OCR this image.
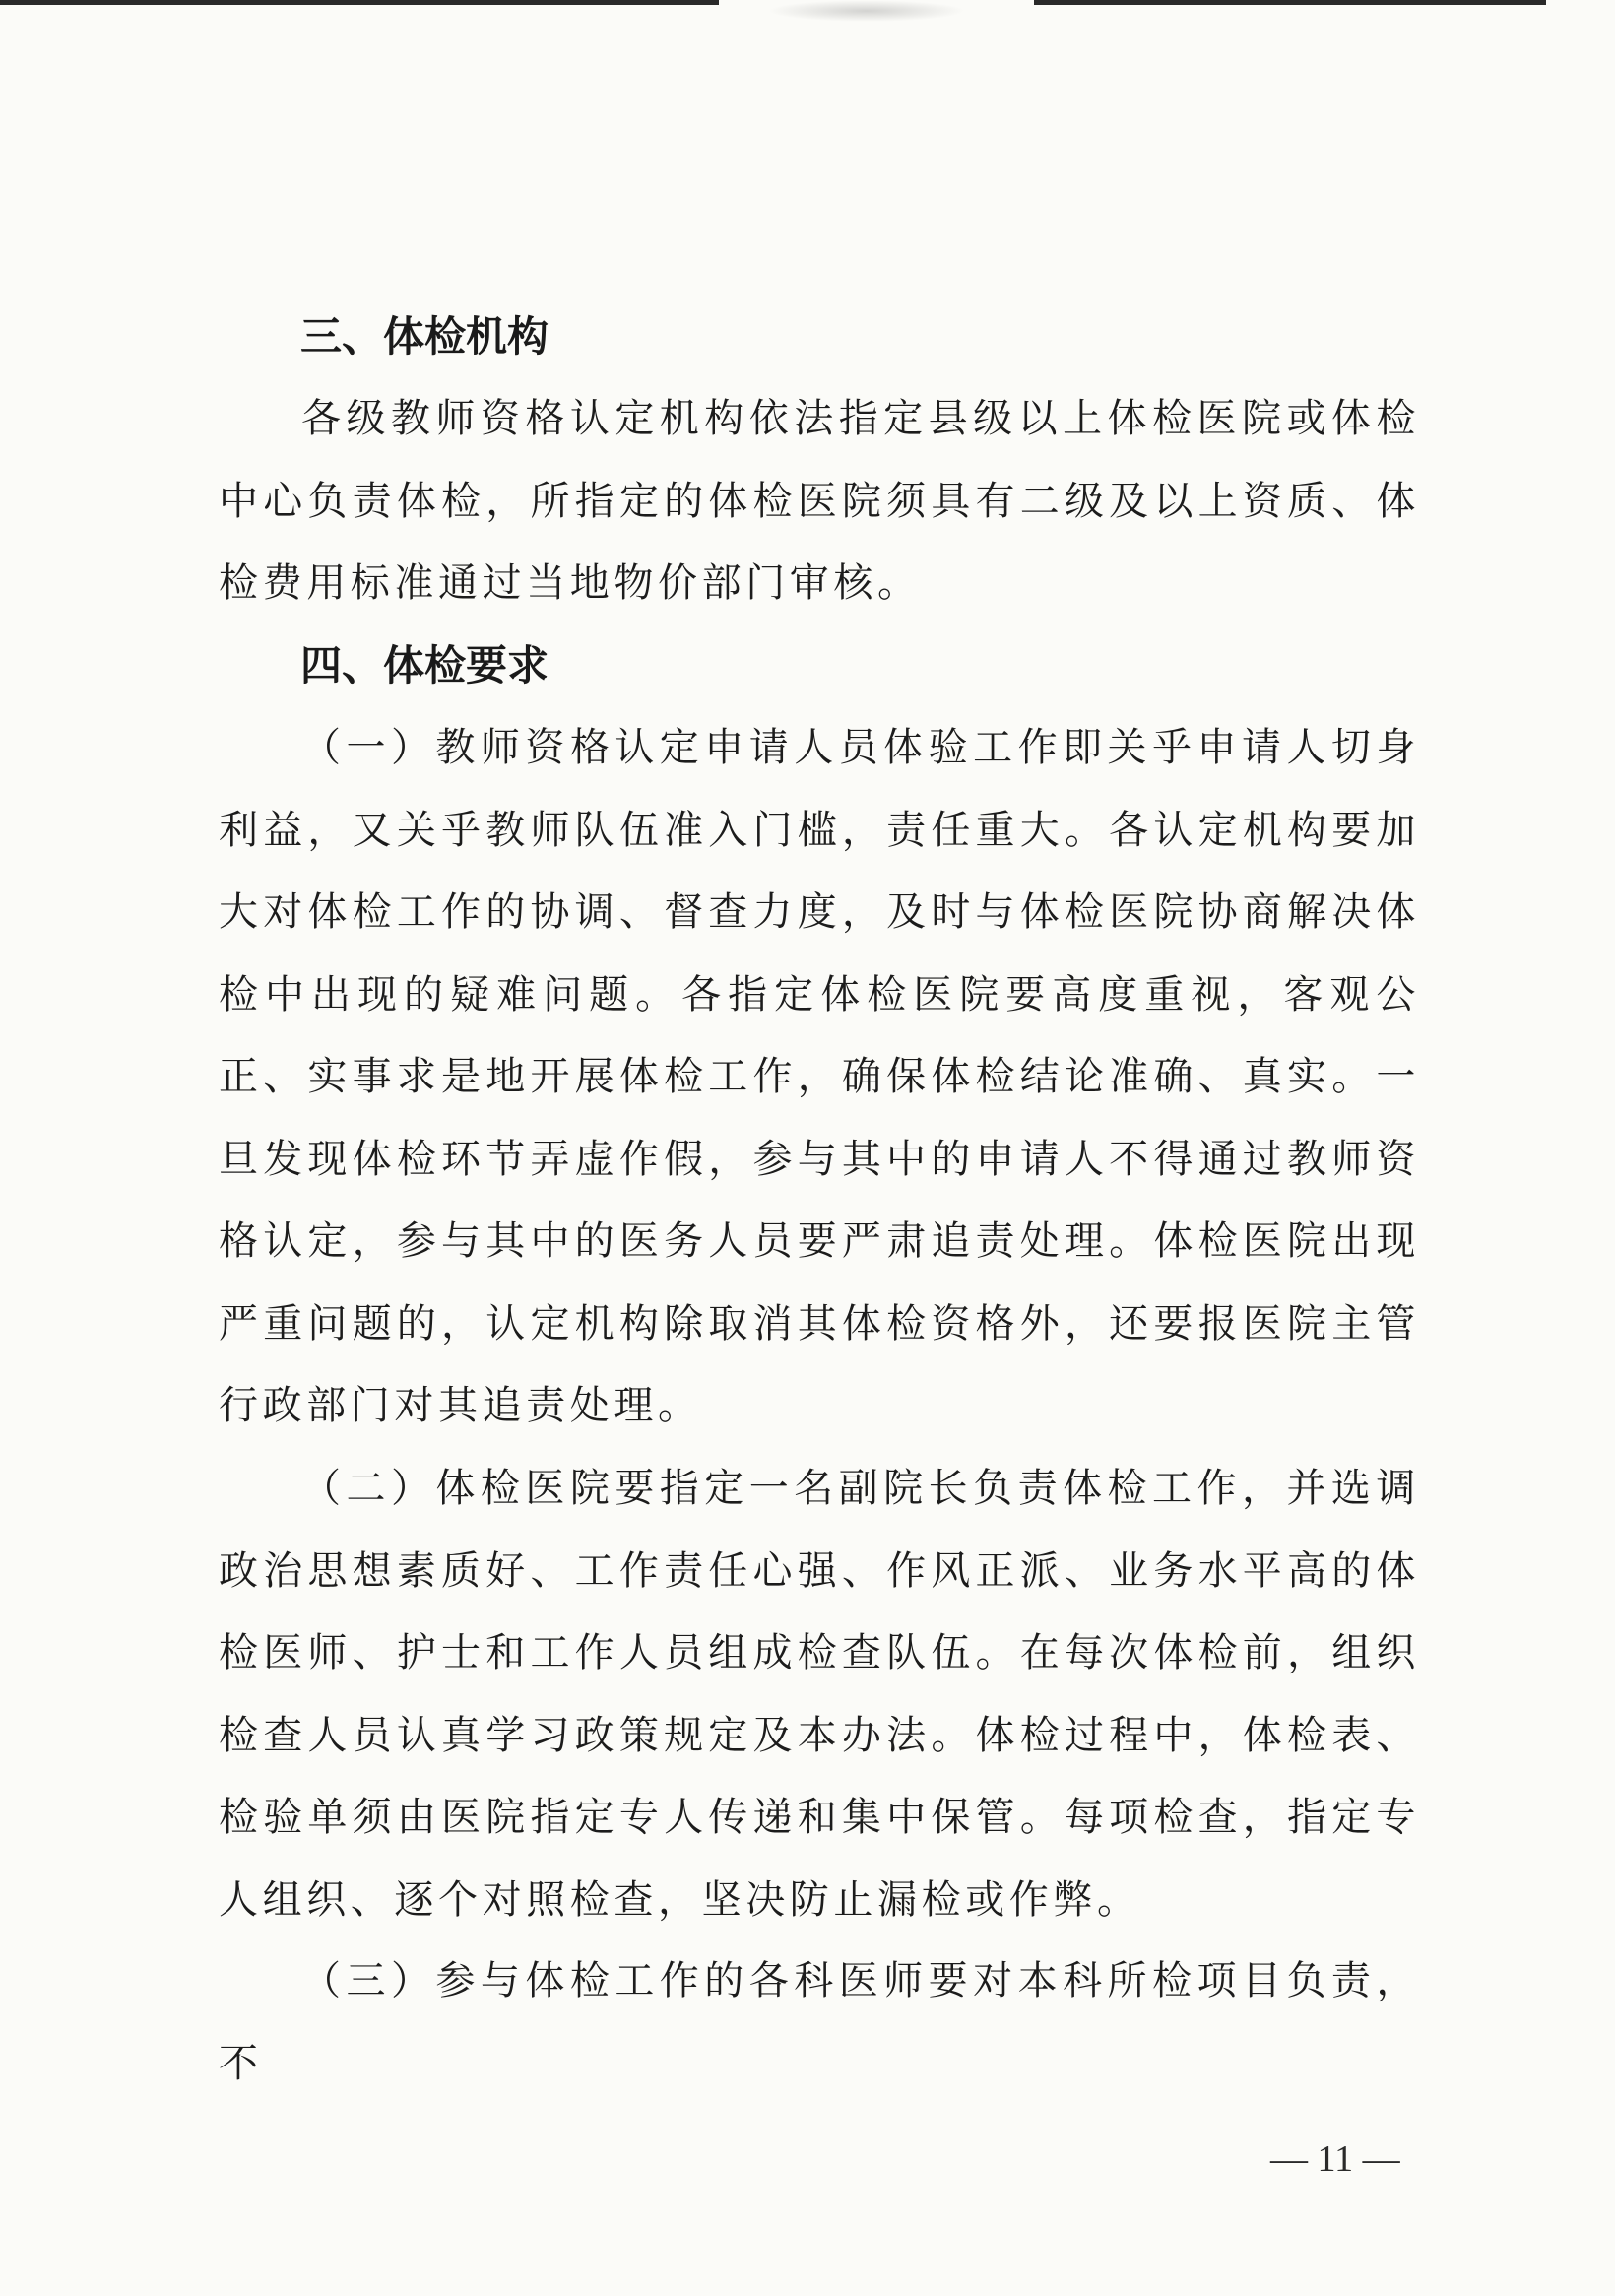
三、体检机构

各级教师资格认定机构依法指定县级以上体检医院或体检中心负责体检，所指定的体检医院须具有二级及以上资质、体检费用标准通过当地物价部门审核。

四、体检要求

（一）教师资格认定申请人员体验工作即关乎申请人切身利益，又关乎教师队伍准入门槛，责任重大。各认定机构要加大对体检工作的协调、督查力度，及时与体检医院协商解决体检中出现的疑难问题。各指定体检医院要高度重视，客观公正、实事求是地开展体检工作，确保体检结论准确、真实。一旦发现体检环节弄虚作假，参与其中的申请人不得通过教师资格认定，参与其中的医务人员要严肃追责处理。体检医院出现严重问题的，认定机构除取消其体检资格外，还要报医院主管行政部门对其追责处理。

（二）体检医院要指定一名副院长负责体检工作，并选调政治思想素质好、工作责任心强、作风正派、业务水平高的体检医师、护士和工作人员组成检查队伍。在每次体检前，组织检查人员认真学习政策规定及本办法。体检过程中，体检表、检验单须由医院指定专人传递和集中保管。每项检查，指定专人组织、逐个对照检查，坚决防止漏检或作弊。

（三）参与体检工作的各科医师要对本科所检项目负责，不

— 11 —
